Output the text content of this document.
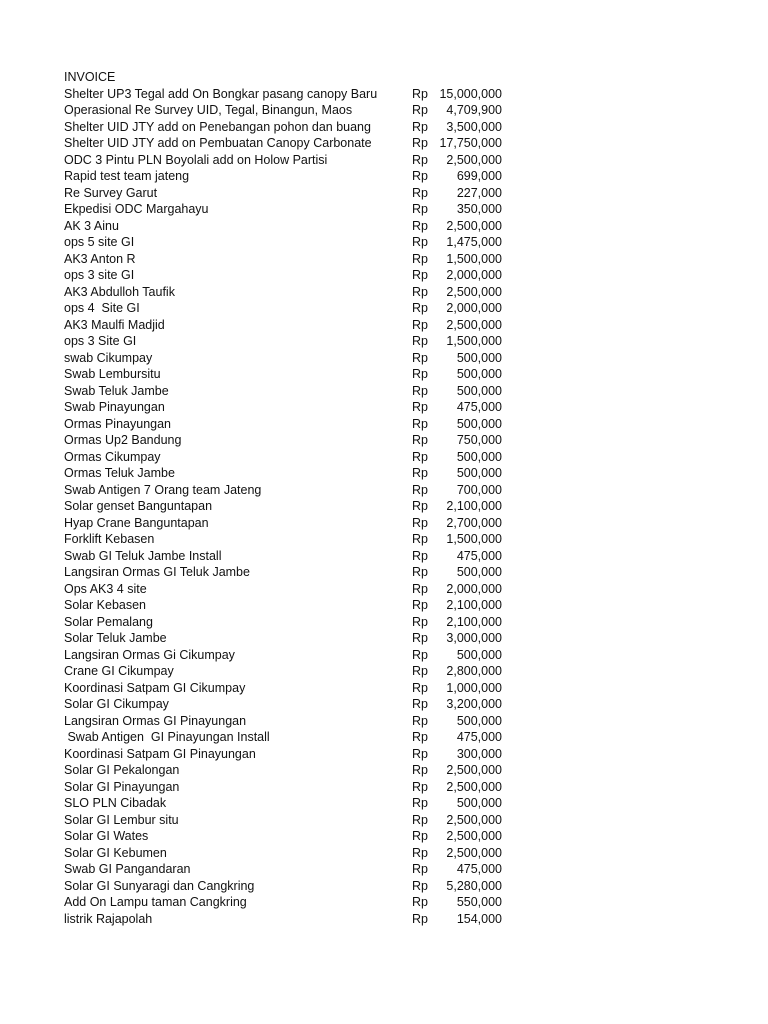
INVOICE
Shelter UP3 Tegal add On Bongkar pasang canopy Baru	Rp 15,000,000
Operasional Re Survey UID, Tegal, Binangun, Maos	Rp	4,709,900
Shelter UID JTY add on Penebangan pohon dan buang	Rp	3,500,000
Shelter UID JTY add on Pembuatan Canopy Carbonate	Rp 17,750,000
ODC 3 Pintu PLN Boyolali add on Holow Partisi	Rp	2,500,000
Rapid test team jateng	Rp	699,000
Re Survey Garut	Rp	227,000
Ekpedisi ODC Margahayu	Rp	350,000
AK 3 Ainu	Rp	2,500,000
ops 5 site GI	Rp	1,475,000
AK3 Anton R	Rp	1,500,000
ops 3 site GI	Rp	2,000,000
AK3 Abdulloh Taufik	Rp	2,500,000
ops 4  Site GI	Rp	2,000,000
AK3 Maulfi Madjid	Rp	2,500,000
ops 3 Site GI	Rp	1,500,000
swab Cikumpay	Rp	500,000
Swab Lembursitu	Rp	500,000
Swab Teluk Jambe	Rp	500,000
Swab Pinayungan	Rp	475,000
Ormas Pinayungan	Rp	500,000
Ormas Up2 Bandung	Rp	750,000
Ormas Cikumpay	Rp	500,000
Ormas Teluk Jambe	Rp	500,000
Swab Antigen 7 Orang team Jateng	Rp	700,000
Solar genset Banguntapan	Rp	2,100,000
Hyap Crane Banguntapan	Rp	2,700,000
Forklift Kebasen	Rp	1,500,000
Swab GI Teluk Jambe Install	Rp	475,000
Langsiran Ormas GI Teluk Jambe	Rp	500,000
Ops AK3 4 site	Rp	2,000,000
Solar Kebasen	Rp	2,100,000
Solar Pemalang	Rp	2,100,000
Solar Teluk Jambe	Rp	3,000,000
Langsiran Ormas Gi Cikumpay	Rp	500,000
Crane GI Cikumpay	Rp	2,800,000
Koordinasi Satpam GI Cikumpay	Rp	1,000,000
Solar GI Cikumpay	Rp	3,200,000
Langsiran Ormas GI Pinayungan	Rp	500,000
Swab Antigen  GI Pinayungan Install	Rp	475,000
Koordinasi Satpam GI Pinayungan	Rp	300,000
Solar GI Pekalongan	Rp	2,500,000
Solar GI Pinayungan	Rp	2,500,000
SLO PLN Cibadak	Rp	500,000
Solar GI Lembur situ	Rp	2,500,000
Solar GI Wates	Rp	2,500,000
Solar GI Kebumen	Rp	2,500,000
Swab GI Pangandaran	Rp	475,000
Solar GI Sunyaragi dan Cangkring	Rp	5,280,000
Add On Lampu taman Cangkring	Rp	550,000
listrik Rajapolah	Rp	154,000
